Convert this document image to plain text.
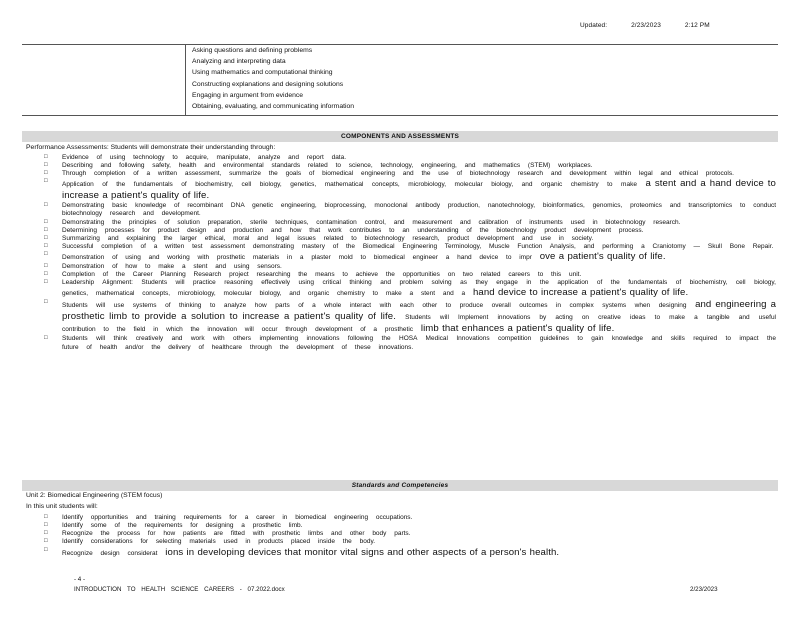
Updated:	2/23/2023	2:12 PM
Asking questions and defining problems
Analyzing and interpreting data
Using mathematics and computational thinking
Constructing explanations and designing solutions
Engaging in argument from evidence
Obtaining, evaluating, and communicating information
COMPONENTS AND ASSESSMENTS
Performance Assessments: Students will demonstrate their understanding through:
□ Evidence of using technology to acquire, manipulate, analyze and report data.
□ Describing and following safety, health and environmental standards related to science, technology, engineering, and mathematics (STEM) workplaces.
□ Through completion of a written assessment, summarize the goals of biomedical engineering and the use of biotechnology research and development within legal and ethical protocols.
□ Application of the fundamentals of biochemistry, cell biology, genetics, mathematical concepts, microbiology, molecular biology, and organic chemistry to make a stent and a hand device to increase a patient's quality of life.
□ Demonstrating basic knowledge of recombinant DNA genetic engineering, bioprocessing, monoclonal antibody production, nanotechnology, bioinformatics, genomics, proteomics and transcriptomics to conduct biotechnology research and development.
□ Demonstrating the principles of solution preparation, sterile techniques, contamination control, and measurement and calibration of instruments used in biotechnology research.
□ Determining processes for product design and production and how that work contributes to an understanding of the biotechnology product development process.
□ Summarizing and explaining the larger ethical, moral and legal issues related to biotechnology research, product development and use in society.
□ Successful completion of a written test assessment demonstrating mastery of the Biomedical Engineering Terminology, Muscle Function Analysis, and performing a Craniotomy — Skull Bone Repair.
□ Demonstration of using and working with prosthetic materials in a plaster mold to biomedical engineer a hand device to impr ove a patient's quality of life.
□ Demonstration of how to make a stent and using sensors.
□ Completion of the Career Planning Research project researching the means to achieve the opportunities on two related careers to this unit.
□ Leadership Alignment: Students will practice reasoning effectively using critical thinking and problem solving as they engage in the application of the fundamentals of biochemistry, cell biology, genetics, mathematical concepts, microbiology, molecular biology, and organic chemistry to make a stent and a hand device to increase a patient's quality of life.
□ Students will use systems of thinking to analyze how parts of a whole interact with each other to produce overall outcomes in complex systems when designing and engineering a prosthetic limb to provide a solution to increase a patient's quality of life. Students will Implement innovations by acting on creative ideas to make a tangible and useful contribution to the field in which the innovation will occur through development of a prosthetic limb that enhances a patient's quality of life.
□ Students will think creatively and work with others implementing innovations following the HOSA Medical Innovations competition guidelines to gain knowledge and skills required to impact the future of health and/or the delivery of healthcare through the development of these innovations.
Standards and Competencies
Unit 2: Biomedical Engineering (STEM focus)
In this unit students will:
□ Identify opportunities and training requirements for a career in biomedical engineering occupations.
□ Identify some of the requirements for designing a prosthetic limb.
□ Recognize the process for how patients are fitted with prosthetic limbs and other body parts.
□ Identify considerations for selecting materials used in products placed inside the body.
□ Recognize design considerat ions in developing devices that monitor vital signs and other aspects of a person's health.
- 4 -
INTRODUCTION TO HEALTH SCIENCE CAREERS - 07.2022.docx	2/23/2023
